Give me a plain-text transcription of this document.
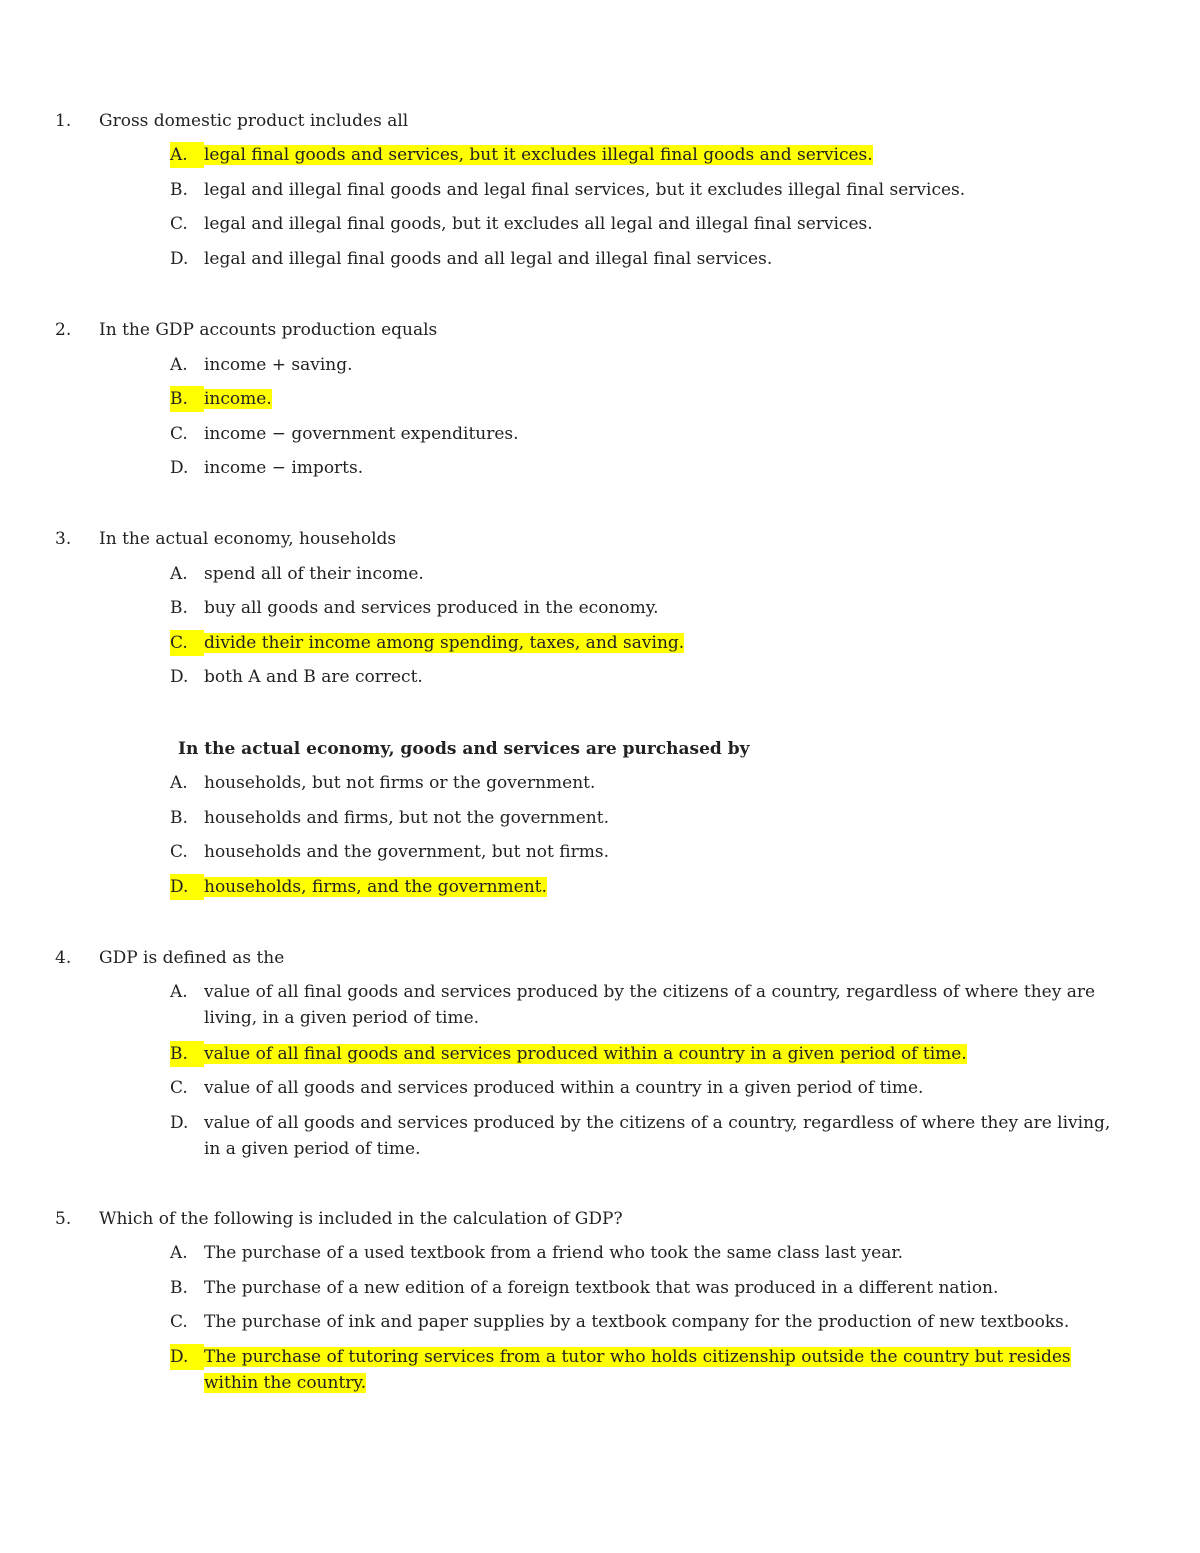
1. Gross domestic product includes all
A. legal final goods and services, but it excludes illegal final goods and services.
B. legal and illegal final goods and legal final services, but it excludes illegal final services.
C. legal and illegal final goods, but it excludes all legal and illegal final services.
D. legal and illegal final goods and all legal and illegal final services.
2. In the GDP accounts production equals
A. income + saving.
B. income.
C. income − government expenditures.
D. income − imports.
3. In the actual economy, households
A. spend all of their income.
B. buy all goods and services produced in the economy.
C. divide their income among spending, taxes, and saving.
D. both A and B are correct.
In the actual economy, goods and services are purchased by
A. households, but not firms or the government.
B. households and firms, but not the government.
C. households and the government, but not firms.
D. households, firms, and the government.
4. GDP is defined as the
A. value of all final goods and services produced by the citizens of a country, regardless of where they are living, in a given period of time.
B. value of all final goods and services produced within a country in a given period of time.
C. value of all goods and services produced within a country in a given period of time.
D. value of all goods and services produced by the citizens of a country, regardless of where they are living, in a given period of time.
5. Which of the following is included in the calculation of GDP?
A. The purchase of a used textbook from a friend who took the same class last year.
B. The purchase of a new edition of a foreign textbook that was produced in a different nation.
C. The purchase of ink and paper supplies by a textbook company for the production of new textbooks.
D. The purchase of tutoring services from a tutor who holds citizenship outside the country but resides within the country.
